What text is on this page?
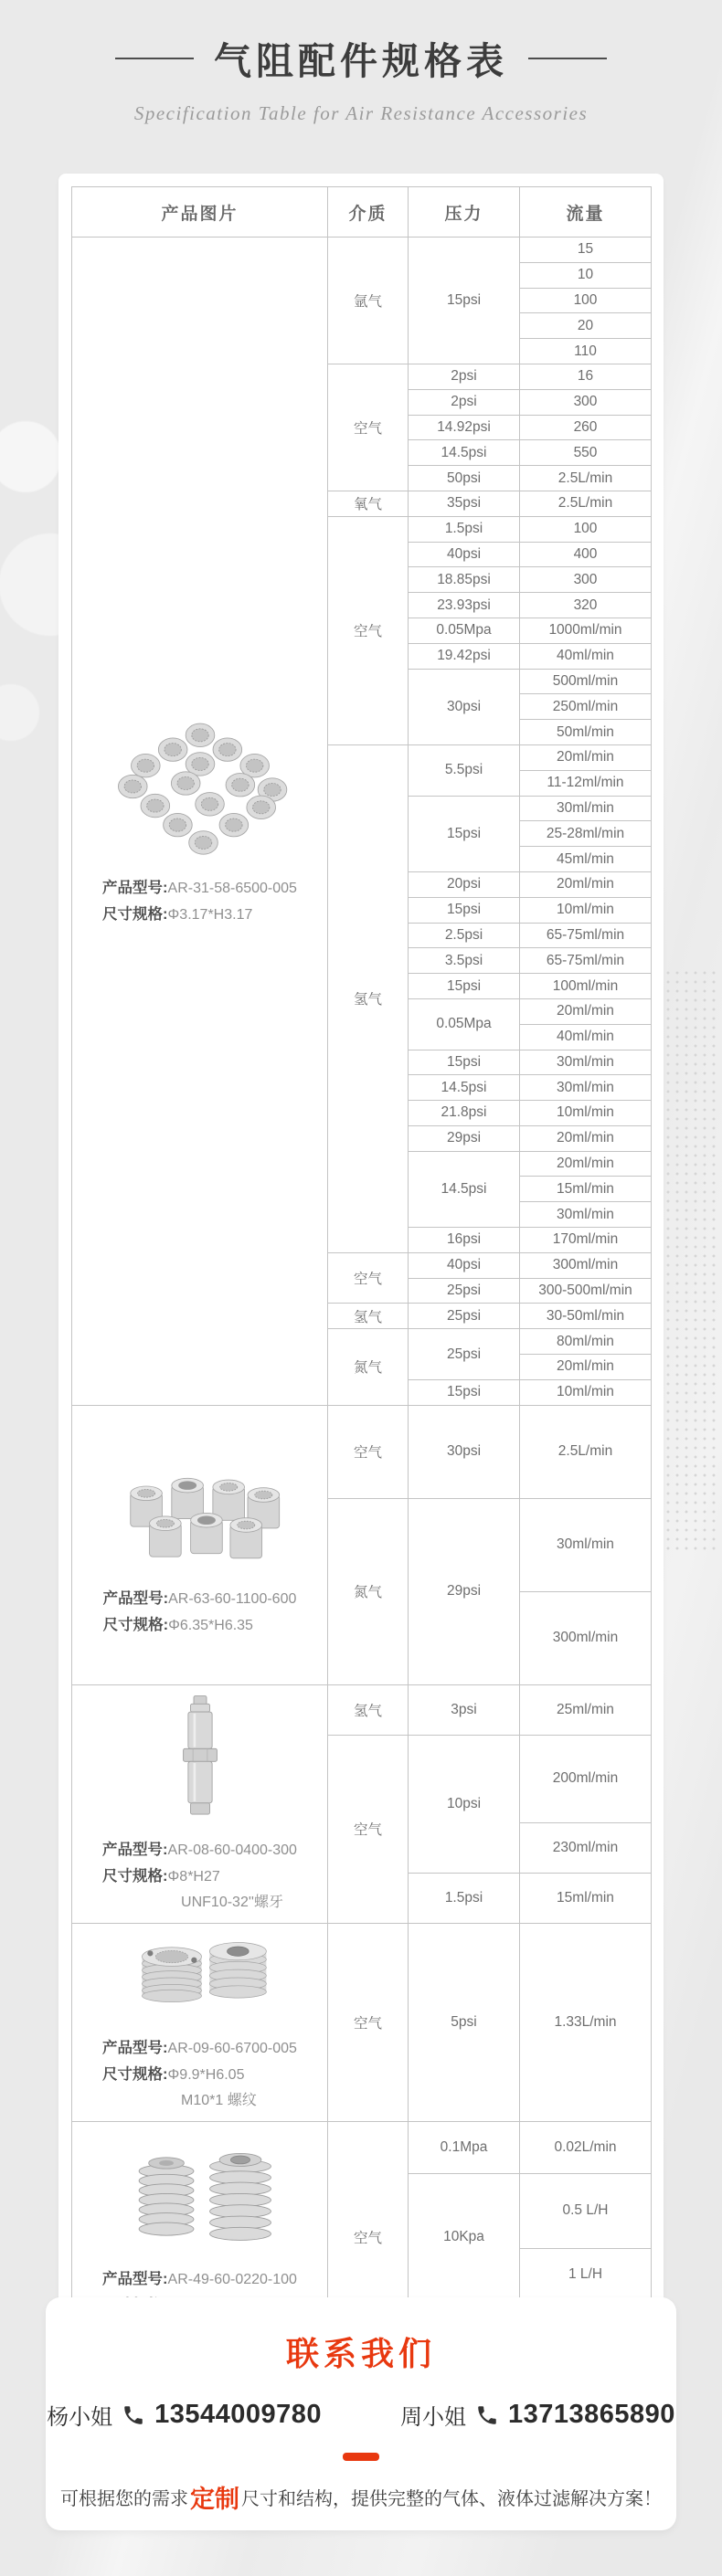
气阻配件规格表
Specification Table for Air Resistance Accessories
产品图片	介质	压力	流量

产品型号:AR-31-58-6500-005
尺寸规格:Φ3.17*H3.17	氩气	15psi	15
			10
			100
			20
			110
	空气	2psi	16
		2psi	300
		14.92psi	260
		14.5psi	550
		50psi	2.5L/min
	氧气	35psi	2.5L/min
	空气	1.5psi	100
		40psi	400
		18.85psi	300
		23.93psi	320
		0.05Mpa	1000ml/min
		19.42psi	40ml/min
		30psi	500ml/min
			250ml/min
			50ml/min
	氢气	5.5psi	20ml/min
			11-12ml/min
		15psi	30ml/min
			25-28ml/min
			45ml/min
		20psi	20ml/min
		15psi	10ml/min
		2.5psi	65-75ml/min
		3.5psi	65-75ml/min
		15psi	100ml/min
		0.05Mpa	20ml/min
			40ml/min
		15psi	30ml/min
		14.5psi	30ml/min
		21.8psi	10ml/min
		29psi	20ml/min
		14.5psi	20ml/min
			15ml/min
			30ml/min
		16psi	170ml/min
	空气	40psi	300ml/min
		25psi	300-500ml/min
	氢气	25psi	30-50ml/min
	氮气	25psi	80ml/min
			20ml/min
		15psi	10ml/min

产品型号:AR-63-60-1100-600
尺寸规格:Φ6.35*H6.35	空气	30psi	2.5L/min
	氮气	29psi	30ml/min
			300ml/min

产品型号:AR-08-60-0400-300
尺寸规格:Φ8*H27
UNF10-32''螺牙	氢气	3psi	25ml/min
	空气	10psi	200ml/min
			230ml/min
		1.5psi	15ml/min

产品型号:AR-09-60-6700-005
尺寸规格:Φ9.9*H6.05
M10*1 螺纹	空气	5psi	1.33L/min

产品型号:AR-49-60-0220-100	空气	0.1Mpa	0.02L/min
		10Kpa	0.5 L/H
			1 L/H

联系我们
杨小姐 13544009780	周小姐 13713865890
可根据您的需求 定制 尺寸和结构，提供完整的气体、液体过滤解决方案！
